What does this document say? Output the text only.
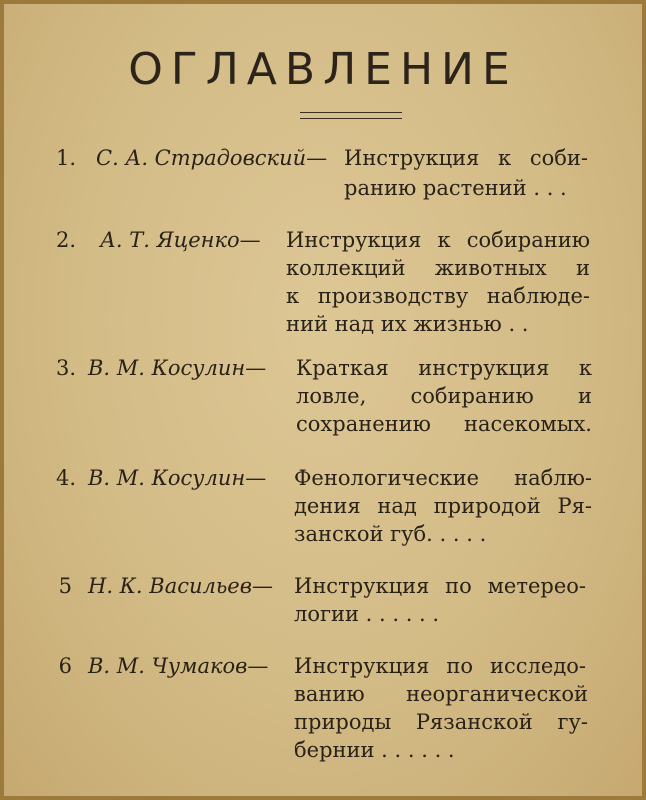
ОГЛАВЛЕНИЕ
1. С. А. Страдовский— Инструкция к соби-
ранию растений . . .
2. А. Т. Яценко— Инструкция к собиранию
коллекций животных и
к производству наблюде-
ний над их жизнью . .
3. В. М. Косулин— Краткая инструкция к
ловле, собиранию и
сохранению насекомых.
4. В. М. Косулин— Фенологические наблю-
дения над природой Ря-
занской губ. . . . .
5 Н. К. Васильев— Инструкция по метерео-
логии . . . . . .
6 В. М. Чумаков— Инструкция по исследо-
ванию неорганической
природы Рязанской гу-
бернии . . . . . .
